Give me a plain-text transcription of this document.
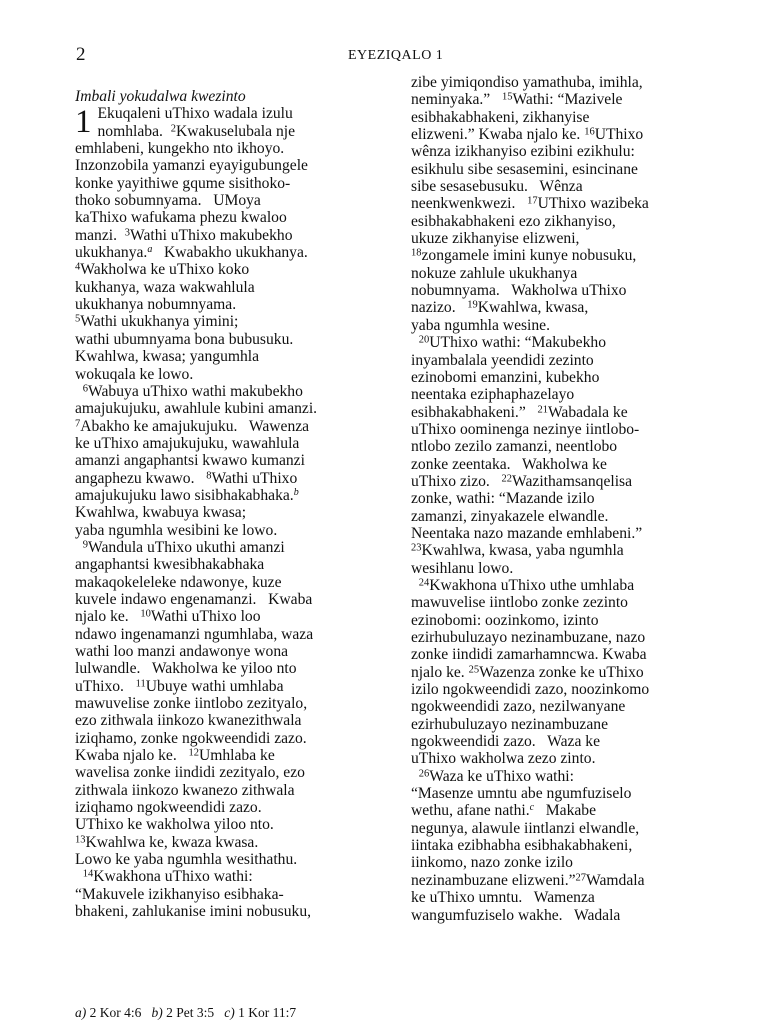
2	EYEZIQALO 1

Imbali yokudalwa kwezinto

1 Ekuqaleni uThixo wadala izulu
nomhlaba. $^2$Kwakuselubala nje

emhlabeni, kungekho nto ikhoyo.

Inzonzobila yamanzi eyayigubungele

konke yayithiwe gqume sisithoko-

thoko sobumnyama. UMoya

kaThixo wafukama phezu kwaloo

manzi. $^3$Wathi uThixo makubekho

ukukhanya.$^a$ Kwabakho ukukhanya.

$^4$Wakholwa ke uThixo koko

kukhanya, waza wakwahlula

ukukhanya nobumnyama.

$^5$Wathi ukukhanya yimini;

wathi ubumnyama bona bubusuku.

Kwahlwa, kwasa; yangumhla

wokuqala ke lowo.

$^6$Wabuya uThixo wathi makubekho

amajukujuku, awahlule kubini amanzi.

$^7$Abakho ke amajukujuku. Wawenza

ke uThixo amajukujuku, wawahlula

amanzi angaphantsi kwawo kumanzi

angaphezu kwawo. $^8$Wathi uThixo

amajukujuku lawo sisibhakabhaka.$^b$

Kwahlwa, kwabuya kwasa;

yaba ngumhla wesibini ke lowo.

$^9$Wandula uThixo ukuthi amanzi

angaphantsi kwesibhakabhaka

makaqokeleleke ndawonye, kuze

kuvele indawo engenamanzi. Kwaba

njalo ke. $^{10}$Wathi uThixo loo

ndawo ingenamanzi ngumhlaba, waza

wathi loo manzi andawonye wona

lulwandle. Wakholwa ke yiloo nto

uThixo. $^{11}$Ubuye wathi umhlaba

mawuvelise zonke iintlobo zezityalo,

ezo zithwala iinkozo kwanezithwala

iziqhamo, zonke ngokweendidi zazo.

Kwaba njalo ke. $^{12}$Umhlaba ke

wavelisa zonke iindidi zezityalo, ezo

zithwala iinkozo kwanezo zithwala

iziqhamo ngokweendidi zazo.

UThixo ke wakholwa yiloo nto.

$^{13}$Kwahlwa ke, kwaza kwasa.

Lowo ke yaba ngumhla wesithathu.

$^{14}$Kwakhona uThixo wathi:

“Makuvele izikhanyiso esibhaka-

bhakeni, zahlukanise imini nobusuku,

zibe yimiqondiso yamathuba, imihla,

neminyaka.” $^{15}$Wathi: “Mazivele

esibhakabhakeni, zikhanyise

elizweni.” Kwaba njalo ke. $^{16}$UThixo

wênza izikhanyiso ezibini ezikhulu:

esikhulu sibe sesasemini, esincinane

sibe sesasebusuku. Wênza

neenkwenkwezi. $^{17}$UThixo wazibeka

esibhakabhakeni ezo zikhanyiso,

ukuze zikhanyise elizweni,

$^{18}$zongamele imini kunye nobusuku,

nokuze zahlule ukukhanya

nobumnyama. Wakholwa uThixo

nazizo. $^{19}$Kwahlwa, kwasa,

yaba ngumhla wesine.

$^{20}$UThixo wathi: “Makubekho

inyambalala yeendidi zezinto

ezinobomi emanzini, kubekho

neentaka eziphaphazelayo

esibhakabhakeni.” $^{21}$Wabadala ke

uThixo oominenga nezinye iintlobo-

ntlobo zezilo zamanzi, neentlobo

zonke zeentaka. Wakholwa ke

uThixo zizo. $^{22}$Wazithamsanqelisa

zonke, wathi: “Mazande izilo

zamanzi, zinyakazele elwandle.

Neentaka nazo mazande emhlabeni.”

$^{23}$Kwahlwa, kwasa, yaba ngumhla

wesihlanu lowo.

$^{24}$Kwakhona uThixo uthe umhlaba

mawuvelise iintlobo zonke zezinto

ezinobomi: oozinkomo, izinto

ezirhubuluzayo nezinambuzane, nazo

zonke iindidi zamarhamncwa. Kwaba

njalo ke. $^{25}$Wazenza zonke ke uThixo

izilo ngokweendidi zazo, noozinkomo

ngokweendidi zazo, nezilwanyane

ezirhubuluzayo nezinambuzane

ngokweendidi zazo. Waza ke

uThixo wakholwa zezo zinto.

$^{26}$Waza ke uThixo wathi:

“Masenze umntu abe ngumfuziselo

wethu, afane nathi.$^c$ Makabe

negunya, alawule iintlanzi elwandle,

iintaka ezibhabha esibhakabhakeni,

iinkomo, nazo zonke izilo

nezinambuzane elizweni.”$^{27}$Wamdala

ke uThixo umntu. Wamenza

wangumfuziselo wakhe. Wadala

a) 2 Kor 4:6 b) 2 Pet 3:5 c) 1 Kor 11:7
